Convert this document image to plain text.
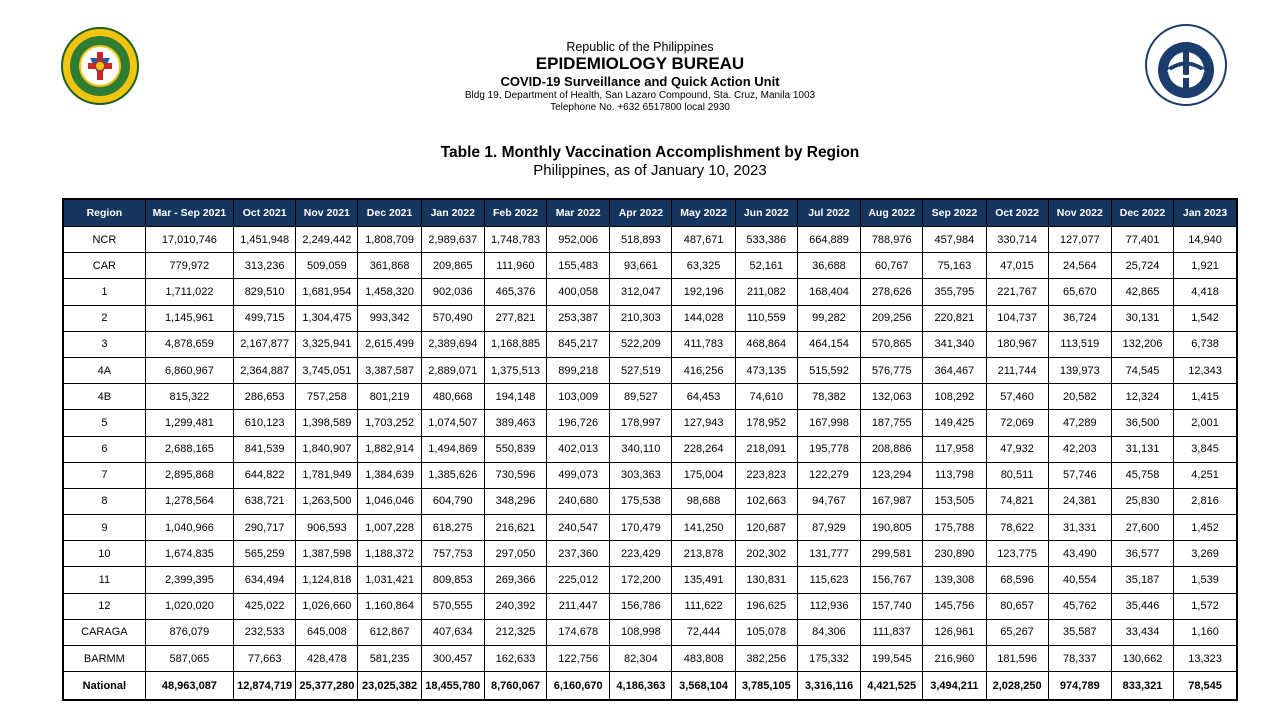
Republic of the Philippines
EPIDEMIOLOGY BUREAU
COVID-19 Surveillance and Quick Action Unit
Bldg 19, Department of Health, San Lazaro Compound, Sta. Cruz, Manila 1003
Telephone No. +632 6517800 local 2930
Table 1. Monthly Vaccination Accomplishment by Region
Philippines, as of January 10, 2023
Region	Mar - Sep 2021	Oct 2021	Nov 2021	Dec 2021	Jan 2022	Feb 2022	Mar 2022	Apr 2022	May 2022	Jun 2022	Jul 2022	Aug 2022	Sep 2022	Oct 2022	Nov 2022	Dec 2022	Jan 2023
NCR	17,010,746	1,451,948	2,249,442	1,808,709	2,989,637	1,748,783	952,006	518,893	487,671	533,386	664,889	788,976	457,984	330,714	127,077	77,401	14,940
CAR	779,972	313,236	509,059	361,868	209,865	111,960	155,483	93,661	63,325	52,161	36,688	60,767	75,163	47,015	24,564	25,724	1,921
1	1,711,022	829,510	1,681,954	1,458,320	902,036	465,376	400,058	312,047	192,196	211,082	168,404	278,626	355,795	221,767	65,670	42,865	4,418
2	1,145,961	499,715	1,304,475	993,342	570,490	277,821	253,387	210,303	144,028	110,559	99,282	209,256	220,821	104,737	36,724	30,131	1,542
3	4,878,659	2,167,877	3,325,941	2,615,499	2,389,694	1,168,885	845,217	522,209	411,783	468,864	464,154	570,865	341,340	180,967	113,519	132,206	6,738
4A	6,860,967	2,364,887	3,745,051	3,387,587	2,889,071	1,375,513	899,218	527,519	416,256	473,135	515,592	576,775	364,467	211,744	139,973	74,545	12,343
4B	815,322	286,653	757,258	801,219	480,668	194,148	103,009	89,527	64,453	74,610	78,382	132,063	108,292	57,460	20,582	12,324	1,415
5	1,299,481	610,123	1,398,589	1,703,252	1,074,507	389,463	196,726	178,997	127,943	178,952	167,998	187,755	149,425	72,069	47,289	36,500	2,001
6	2,688,165	841,539	1,840,907	1,882,914	1,494,869	550,839	402,013	340,110	228,264	218,091	195,778	208,886	117,958	47,932	42,203	31,131	3,845
7	2,895,868	644,822	1,781,949	1,384,639	1,385,626	730,596	499,073	303,363	175,004	223,823	122,279	123,294	113,798	80,511	57,746	45,758	4,251
8	1,278,564	638,721	1,263,500	1,046,046	604,790	348,296	240,680	175,538	98,688	102,663	94,767	167,987	153,505	74,821	24,381	25,830	2,816
9	1,040,966	290,717	906,593	1,007,228	618,275	216,621	240,547	170,479	141,250	120,687	87,929	190,805	175,788	78,622	31,331	27,600	1,452
10	1,674,835	565,259	1,387,598	1,188,372	757,753	297,050	237,360	223,429	213,878	202,302	131,777	299,581	230,890	123,775	43,490	36,577	3,269
11	2,399,395	634,494	1,124,818	1,031,421	809,853	269,366	225,012	172,200	135,491	130,831	115,623	156,767	139,308	68,596	40,554	35,187	1,539
12	1,020,020	425,022	1,026,660	1,160,864	570,555	240,392	211,447	156,786	111,622	196,625	112,936	157,740	145,756	80,657	45,762	35,446	1,572
CARAGA	876,079	232,533	645,008	612,867	407,634	212,325	174,678	108,998	72,444	105,078	84,306	111,837	126,961	65,267	35,587	33,434	1,160
BARMM	587,065	77,663	428,478	581,235	300,457	162,633	122,756	82,304	483,808	382,256	175,332	199,545	216,960	181,596	78,337	130,662	13,323
National	48,963,087	12,874,719	25,377,280	23,025,382	18,455,780	8,760,067	6,160,670	4,186,363	3,568,104	3,785,105	3,316,116	4,421,525	3,494,211	2,028,250	974,789	833,321	78,545
